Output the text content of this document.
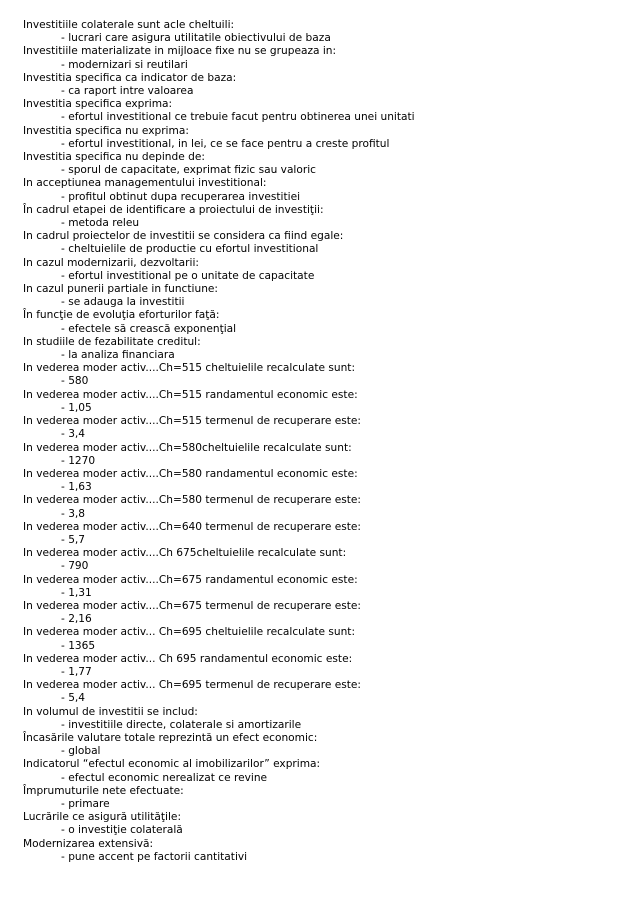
Investitiile colaterale sunt acle cheltuili:
- lucrari care asigura utilitatile obiectivului de baza
Investitiile materializate in mijloace fixe nu se grupeaza in:
- modernizari si reutilari
Investitia specifica ca indicator de baza:
- ca raport intre valoarea
Investitia specifica exprima:
- efortul investitional ce trebuie facut pentru obtinerea unei unitati
Investitia specifica nu exprima:
- efortul investitional, in lei, ce se face pentru a creste profitul
Investitia specifica nu depinde de:
- sporul de capacitate, exprimat fizic sau valoric
In acceptiunea managementului investitional:
- profitul obtinut dupa recuperarea investitiei
În cadrul etapei de identificare a proiectului de investiţii:
- metoda releu
In cadrul proiectelor de investitii se considera ca fiind egale:
- cheltuielile de productie cu efortul investitional
In cazul modernizarii, dezvoltarii:
- efortul investitional pe o unitate de capacitate
In cazul punerii partiale in functiune:
- se adauga la investitii
În funcţie de evoluţia eforturilor faţă:
- efectele să crească exponenţial
In studiile de fezabilitate creditul:
- la analiza financiara
In vederea moder activ....Ch=515 cheltuielile recalculate sunt:
- 580
In vederea moder activ....Ch=515 randamentul economic este:
- 1,05
In vederea moder activ....Ch=515 termenul de recuperare este:
- 3,4
In vederea moder activ....Ch=580cheltuielile recalculate sunt:
- 1270
In vederea moder activ....Ch=580 randamentul economic este:
- 1,63
In vederea moder activ....Ch=580 termenul de recuperare este:
- 3,8
In vederea moder activ....Ch=640 termenul de recuperare este:
- 5,7
In vederea moder activ....Ch 675cheltuielile recalculate sunt:
- 790
In vederea moder activ....Ch=675 randamentul economic este:
- 1,31
In vederea moder activ....Ch=675 termenul de recuperare este:
- 2,16
In vederea moder activ... Ch=695 cheltuielile recalculate sunt:
- 1365
In vederea moder activ... Ch 695 randamentul economic este:
- 1,77
In vederea moder activ... Ch=695 termenul de recuperare este:
- 5,4
In volumul de investitii se includ:
- investitiile directe, colaterale si amortizarile
Încasările valutare totale reprezintă un efect economic:
- global
Indicatorul “efectul economic al imobilizarilor” exprima:
- efectul economic nerealizat ce revine
Împrumuturile nete efectuate:
- primare
Lucrările ce asigură utilităţile:
- o investiţie colaterală
Modernizarea extensivă:
- pune accent pe factorii cantitativi
